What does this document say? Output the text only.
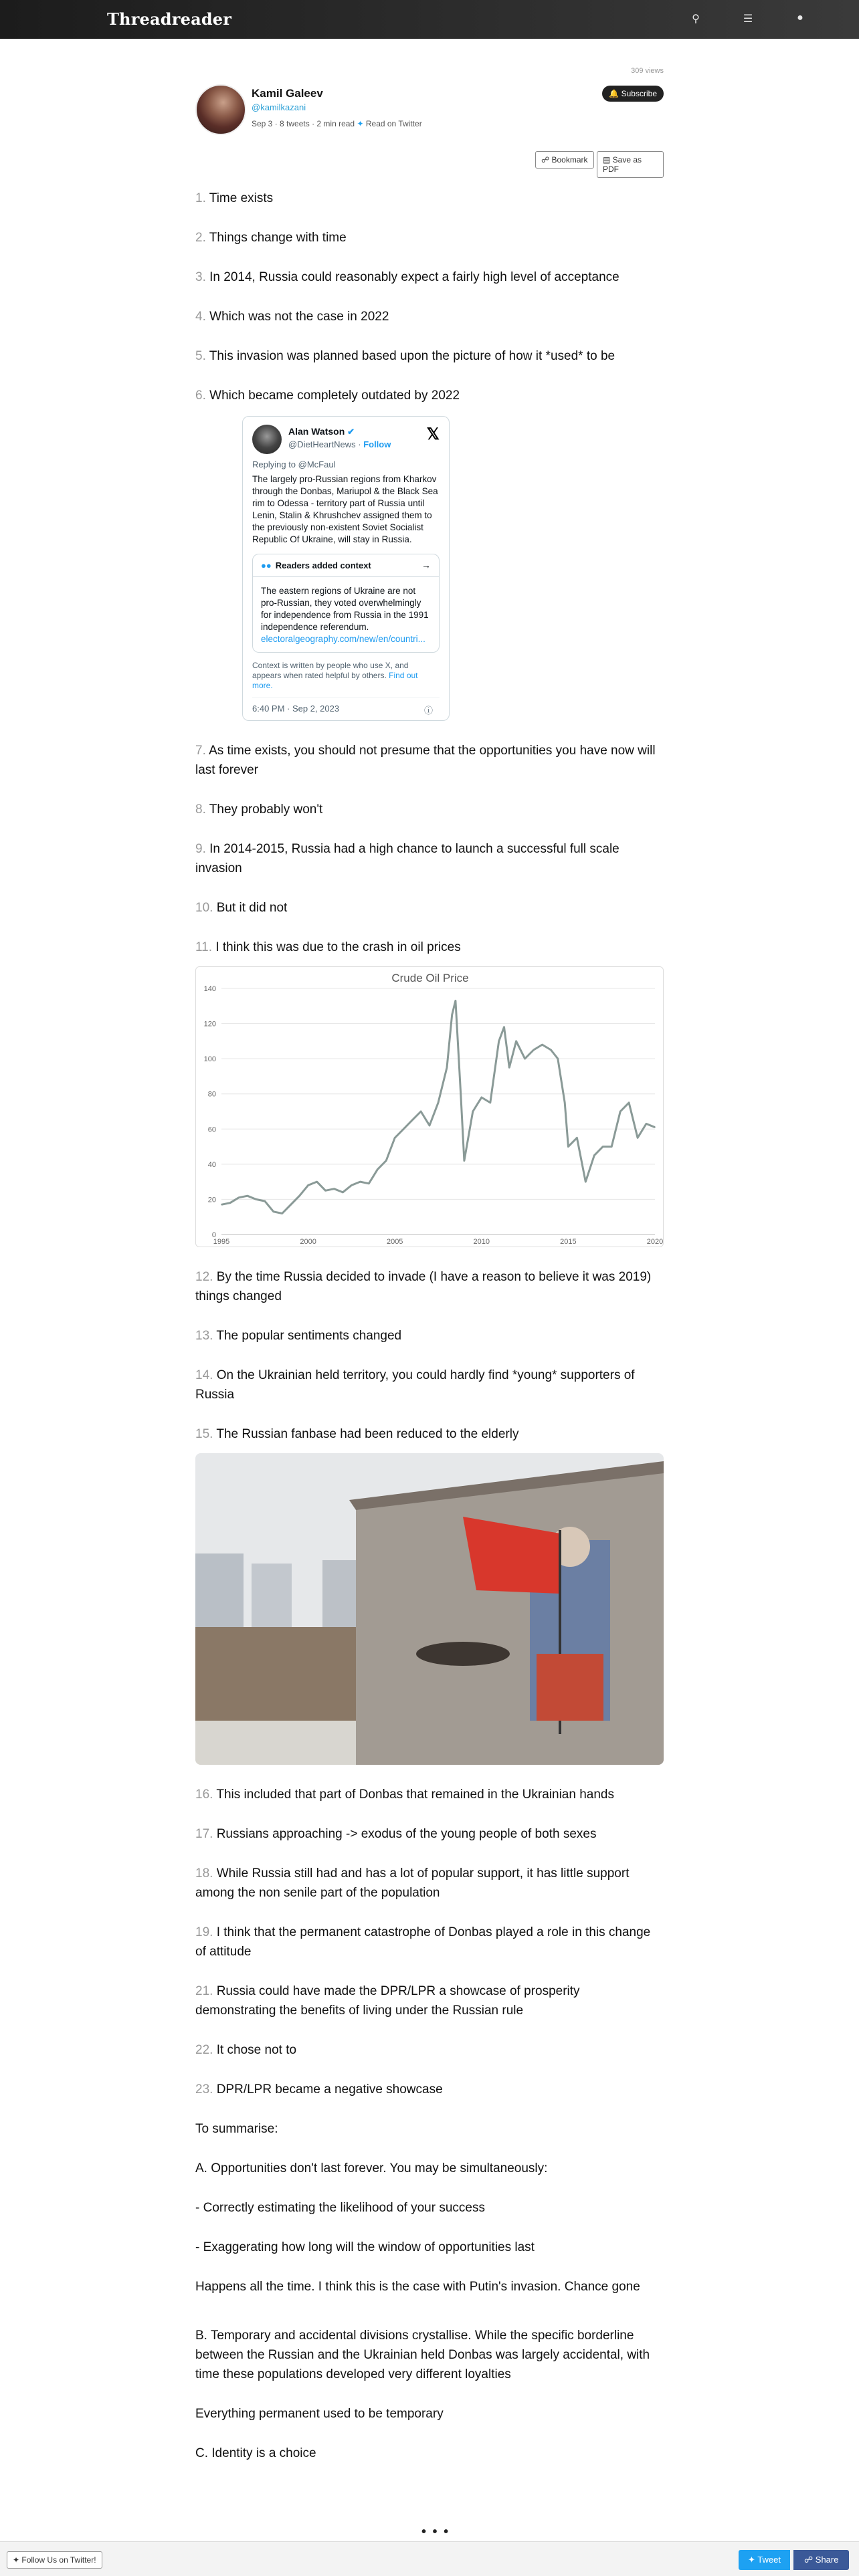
Threadreader	⚲	☰	●
309 views
🔔 Subscribe
Kamil Galeev
@kamilkazani
Sep 3 · 8 tweets · 2 min read ✦ Read on Twitter
☍ Bookmark	▤ Save as PDF

1. Time exists

2. Things change with time

3. In 2014, Russia could reasonably expect a fairly high level of acceptance

4. Which was not the case in 2022

5. This invasion was planned based upon the picture of how it *used* to be

6. Which became completely outdated by 2022

Alan Watson ✔
@DietHeartNews · Follow
𝕏
Replying to @McFaul
The largely pro-Russian regions from Kharkov through the Donbas, Mariupol & the Black Sea rim to Odessa - territory part of Russia until Lenin, Stalin & Khrushchev assigned them to the previously non-existent Soviet Socialist Republic Of Ukraine, will stay in Russia.
●● Readers added context	→
The eastern regions of Ukraine are not pro-Russian, they voted overwhelmingly for independence from Russia in the 1991 independence referendum.
electoralgeography.com/new/en/countri...
Context is written by people who use X, and appears when rated helpful by others. Find out more.
6:40 PM · Sep 2, 2023	ⓘ

7. As time exists, you should not presume that the opportunities you have now will last forever

8. They probably won't

9. In 2014-2015, Russia had a high chance to launch a successful full scale invasion

10. But it did not

11. I think this was due to the crash in oil prices

Crude Oil Price
0
20
40
60
80
100
120
140
1995	2000	2005	2010	2015	2020

12. By the time Russia decided to invade (I have a reason to believe it was 2019) things changed

13. The popular sentiments changed

14. On the Ukrainian held territory, you could hardly find *young* supporters of Russia

15. The Russian fanbase had been reduced to the elderly

16. This included that part of Donbas that remained in the Ukrainian hands

17. Russians approaching -> exodus of the young people of both sexes

18. While Russia still had and has a lot of popular support, it has little support among the non senile part of the population

19. I think that the permanent catastrophe of Donbas played a role in this change of attitude

21. Russia could have made the DPR/LPR a showcase of prosperity demonstrating the benefits of living under the Russian rule

22. It chose not to

23. DPR/LPR became a negative showcase

To summarise:

A. Opportunities don't last forever. You may be simultaneously:

- Correctly estimating the likelihood of your success

- Exaggerating how long will the window of opportunities last

Happens all the time. I think this is the case with Putin's invasion. Chance gone

B. Temporary and accidental divisions crystallise. While the specific borderline between the Russian and the Ukrainian held Donbas was largely accidental, with time these populations developed very different loyalties

Everything permanent used to be temporary

C. Identity is a choice

• • •
✦ Follow Us on Twitter!	✦ Tweet	☍ Share
